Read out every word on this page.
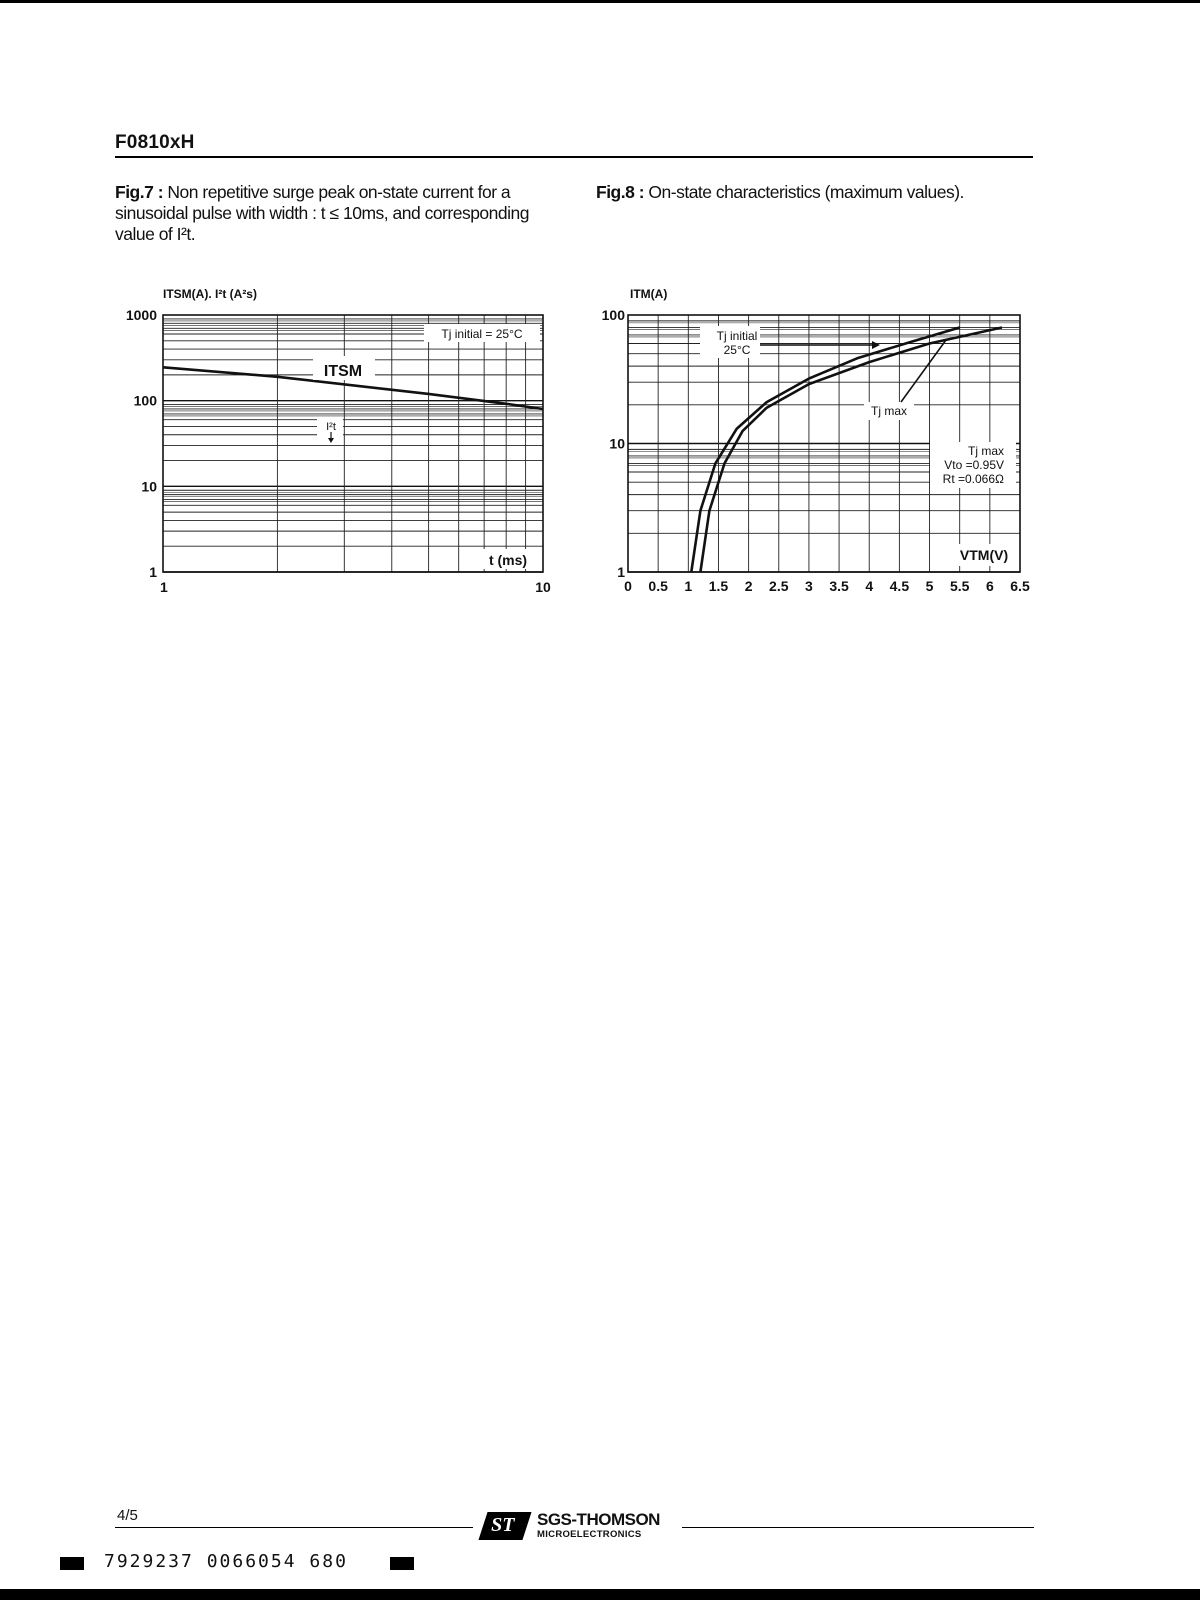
F0810xH
Fig.7 : Non repetitive surge peak on-state current for a sinusoidal pulse with width : t ≤ 10ms, and corresponding value of I²t.
Fig.8 : On-state characteristics (maximum values).
1000
100
10
1
1	10
ITSM(A). I²t (A²s)
t (ms)
Tj initial = 25°C
ITSM
I²t
100
10
1
0 0.5 1 1.5 2 2.5 3 3.5 4 4.5 5 5.5 6 6.5
ITM(A)
VTM(V)
Tj initial
25°C
Tj max
Tj max
Vto =0.95V
Rt =0.066Ω
4/5	ST SGS-THOMSON
MICROELECTRONICS
7929237 0066054 680
